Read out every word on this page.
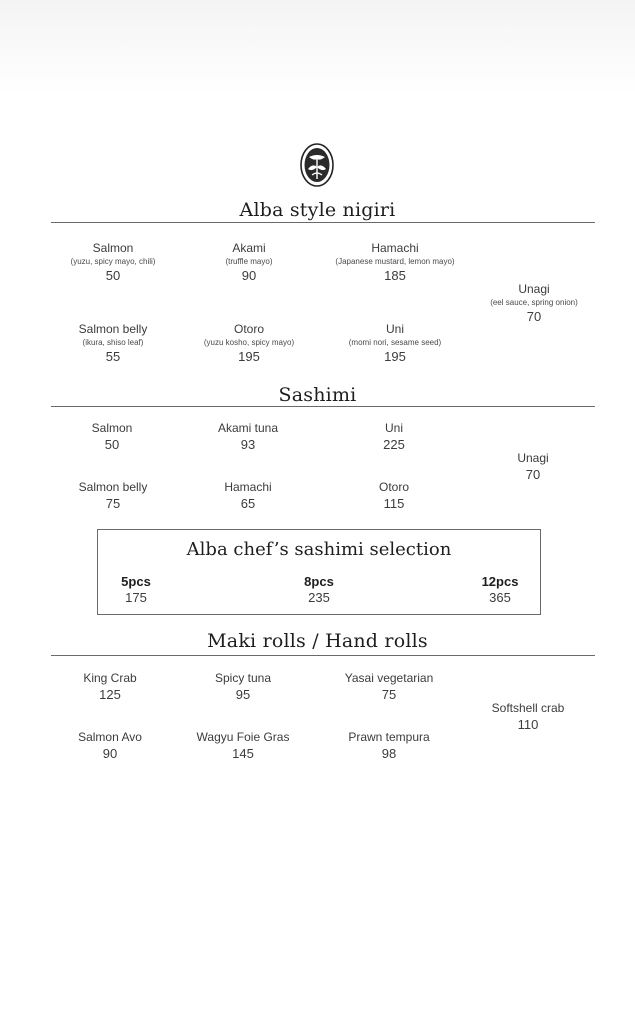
Alba style nigiri
Salmon
(yuzu, spicy mayo, chili)
50
Akami
(truffle mayo)
90
Hamachi
(Japanese mustard, lemon mayo)
185
Unagi
(eel sauce, spring onion)
70
Salmon belly
(ikura, shiso leaf)
55
Otoro
(yuzu kosho, spicy mayo)
195
Uni
(momi nori, sesame seed)
195
Sashimi
Salmon
50
Akami tuna
93
Uni
225
Unagi
70
Salmon belly
75
Hamachi
65
Otoro
115
Alba chef’s sashimi selection
5pcs
175
8pcs
235
12pcs
365
Maki rolls / Hand rolls
King Crab
125
Spicy tuna
95
Yasai vegetarian
75
Softshell crab
110
Salmon Avo
90
Wagyu Foie Gras
145
Prawn tempura
98
